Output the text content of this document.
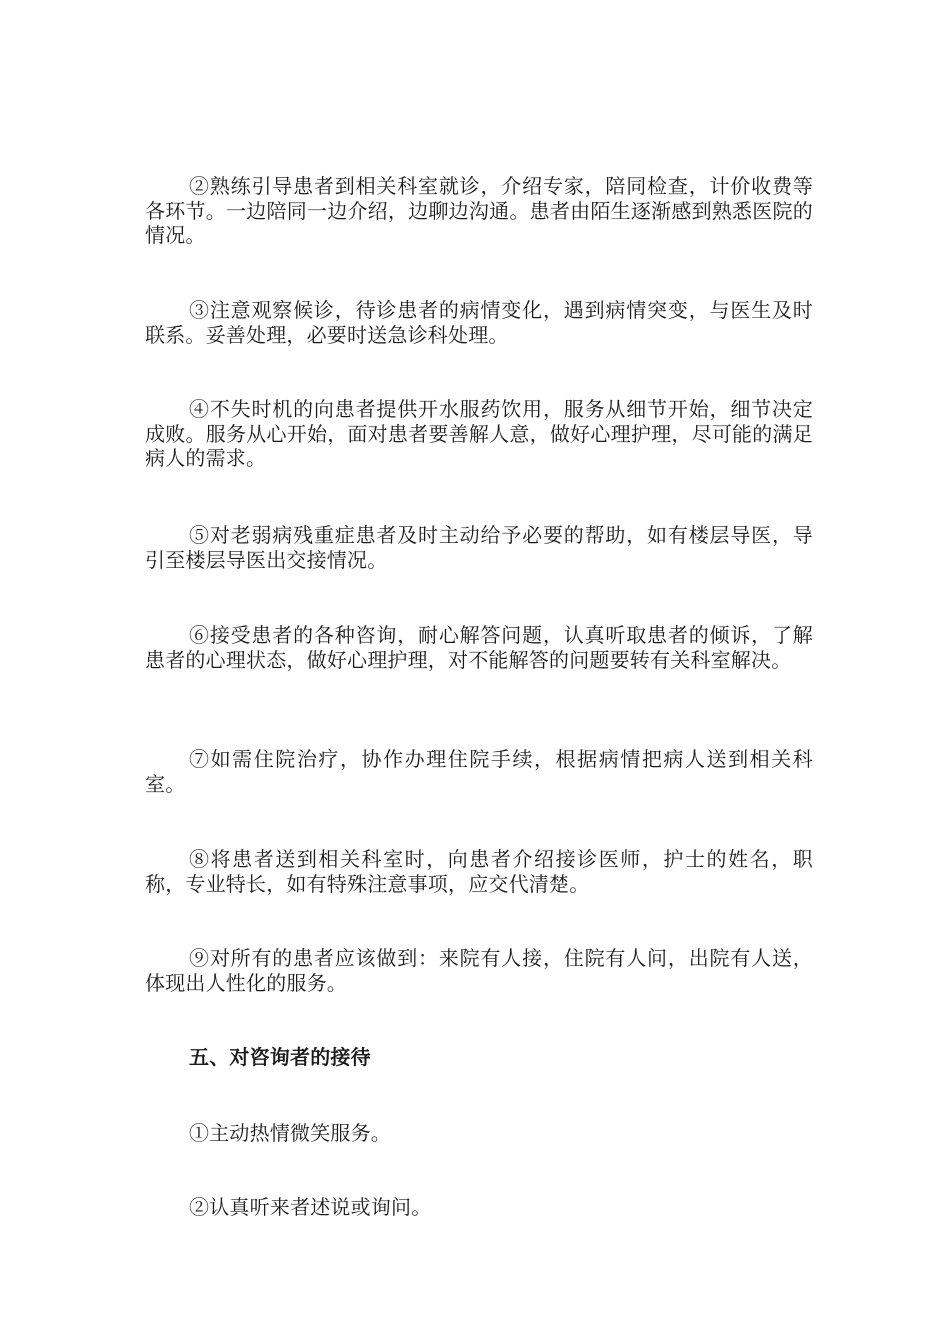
②熟练引导患者到相关科室就诊，介绍专家，陪同检查，计价收费等各环节。一边陪同一边介绍，边聊边沟通。患者由陌生逐渐感到熟悉医院的情况。

③注意观察候诊，待诊患者的病情变化，遇到病情突变，与医生及时联系。妥善处理，必要时送急诊科处理。

④不失时机的向患者提供开水服药饮用，服务从细节开始，细节决定成败。服务从心开始，面对患者要善解人意，做好心理护理，尽可能的满足病人的需求。

⑤对老弱病残重症患者及时主动给予必要的帮助，如有楼层导医，导引至楼层导医出交接情况。

⑥接受患者的各种咨询，耐心解答问题，认真听取患者的倾诉，了解患者的心理状态，做好心理护理，对不能解答的问题要转有关科室解决。

⑦如需住院治疗，协作办理住院手续，根据病情把病人送到相关科室。

⑧将患者送到相关科室时，向患者介绍接诊医师，护士的姓名，职称，专业特长，如有特殊注意事项，应交代清楚。

⑨对所有的患者应该做到：来院有人接，住院有人问，出院有人送，体现出人性化的服务。

五、对咨询者的接待

①主动热情微笑服务。

②认真听来者述说或询问。
